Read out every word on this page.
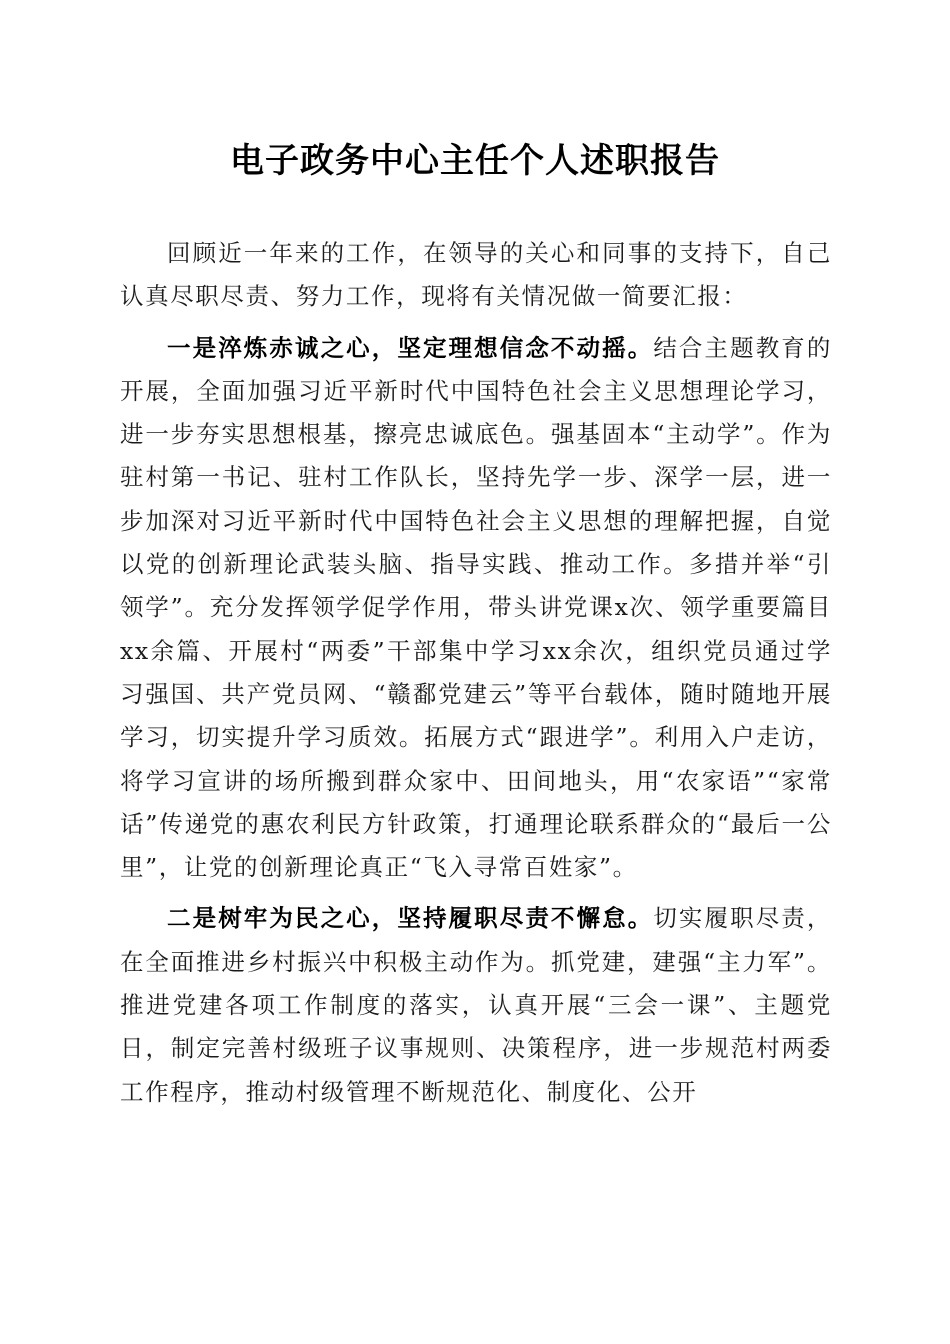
电子政务中心主任个人述职报告

回顾近一年来的工作，在领导的关心和同事的支持下，自己认真尽职尽责、努力工作，现将有关情况做一简要汇报：

一是淬炼赤诚之心，坚定理想信念不动摇。结合主题教育的开展，全面加强习近平新时代中国特色社会主义思想理论学习，进一步夯实思想根基，擦亮忠诚底色。强基固本“主动学”。作为驻村第一书记、驻村工作队长，坚持先学一步、深学一层，进一步加深对习近平新时代中国特色社会主义思想的理解把握，自觉以党的创新理论武装头脑、指导实践、推动工作。多措并举“引领学”。充分发挥领学促学作用，带头讲党课x次、领学重要篇目xx余篇、开展村“两委”干部集中学习xx余次，组织党员通过学习强国、共产党员网、“赣鄱党建云”等平台载体，随时随地开展学习，切实提升学习质效。拓展方式“跟进学”。利用入户走访，将学习宣讲的场所搬到群众家中、田间地头，用“农家语”“家常话”传递党的惠农利民方针政策，打通理论联系群众的“最后一公里”，让党的创新理论真正“飞入寻常百姓家”。

二是树牢为民之心，坚持履职尽责不懈怠。切实履职尽责，在全面推进乡村振兴中积极主动作为。抓党建，建强“主力军”。推进党建各项工作制度的落实，认真开展“三会一课”、主题党日，制定完善村级班子议事规则、决策程序，进一步规范村两委工作程序，推动村级管理不断规范化、制度化、公开
